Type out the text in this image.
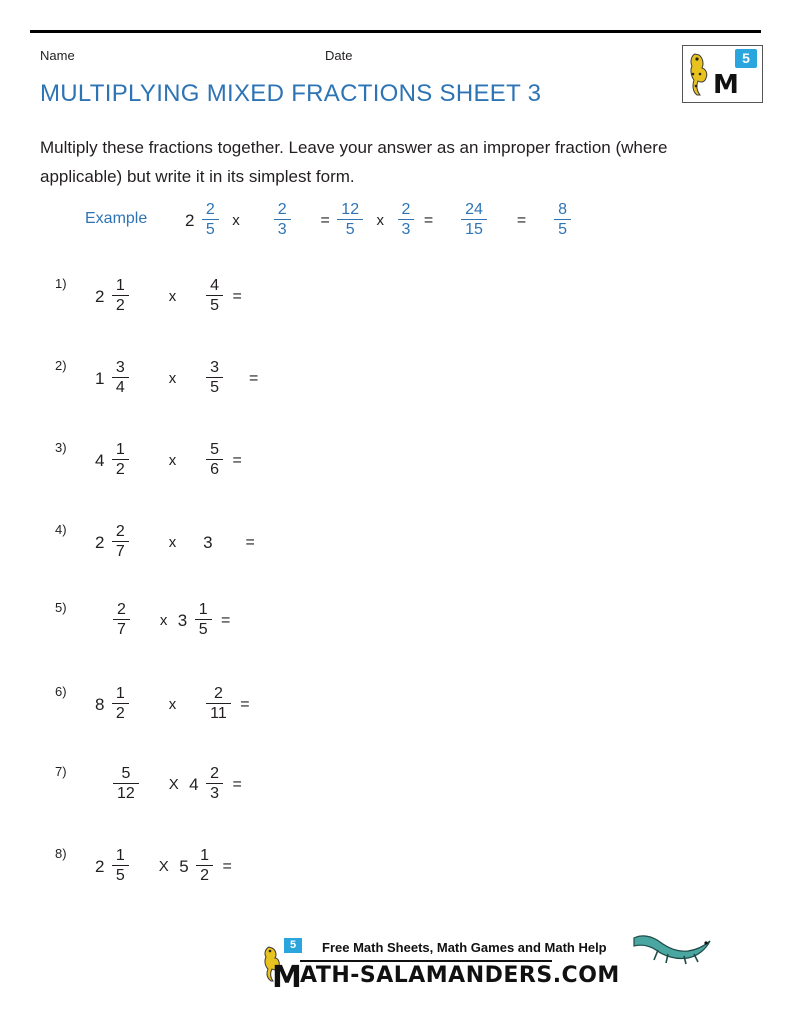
Name	Date	5
M
MULTIPLYING MIXED FRACTIONS SHEET 3
Multiply these fractions together. Leave your answer as an improper fraction (where applicable) but write it in its simplest form.
Example $2 \frac{2}{5}$ x $\frac{2}{3} = \frac{12}{5}$ x $\frac{2}{3} = \frac{24}{15} = \frac{8}{5}$
1)
$2 \frac{1}{2}$	x $\frac{4}{5}$ =
2)
$1 \frac{3}{4}$	x $\frac{3}{5}$ =
3)
$4 \frac{1}{2}$	x $\frac{5}{6}$ =
4)
$2 \frac{2}{7}$	x 3 =
5)	$\frac{2}{7}$ x $3 \frac{1}{5}$ =
6)
$8 \frac{1}{2}$	x $\frac{2}{11}$ =
7)	$\frac{5}{12}$ X $4 \frac{2}{3}$ =
8)
$2 \frac{1}{5}$ X $5 \frac{1}{2}$ =
5	Free Math Sheets, Math Games and Math Help
M ATH-SALAMANDERS.COM
